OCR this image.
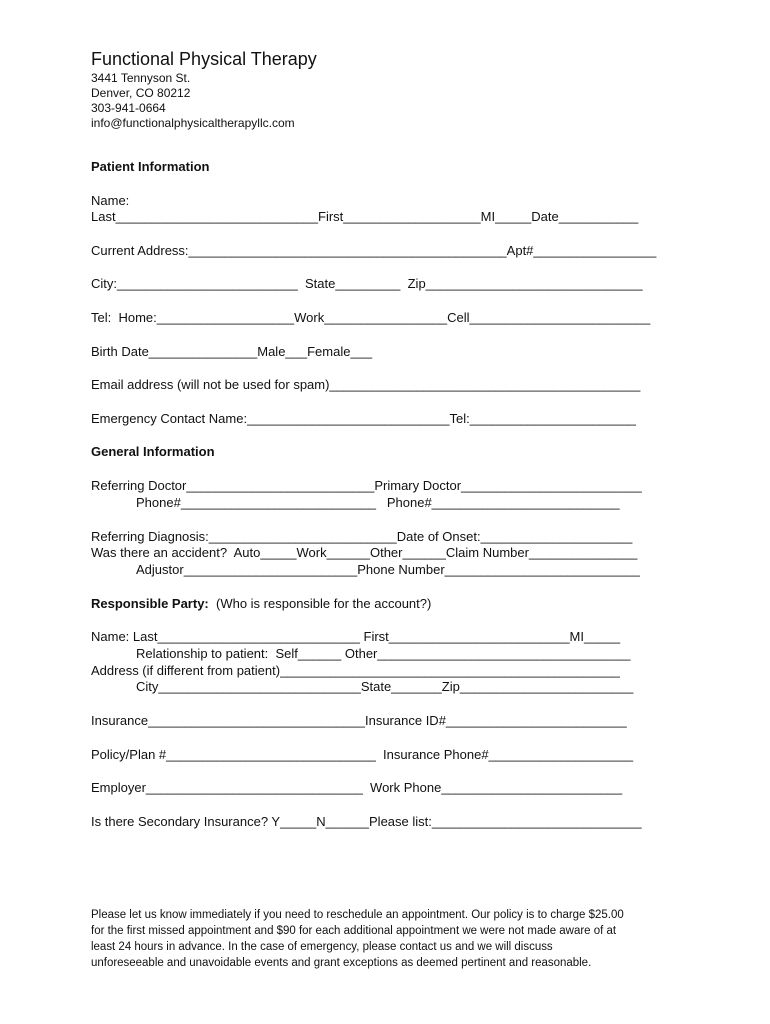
Functional Physical Therapy
3441 Tennyson St.
Denver, CO 80212
303-941-0664
info@functionalphysicaltherapyllc.com
Patient Information
Name:
Last____________________________First___________________MI_____Date___________
Current Address:____________________________________________Apt#_________________
City:_________________________  State_________  Zip______________________________
Tel:  Home:___________________Work_________________Cell_________________________
Birth Date_______________Male___Female___
Email address (will not be used for spam)___________________________________________
Emergency Contact Name:____________________________Tel:_______________________
General Information
Referring Doctor__________________________Primary Doctor_________________________
Phone#___________________________   Phone#__________________________
Referring Diagnosis:__________________________Date of Onset:_____________________
Was there an accident?  Auto_____Work______Other______Claim Number_______________
Adjustor________________________Phone Number___________________________
Responsible Party: (Who is responsible for the account?)
Name: Last____________________________ First_________________________MI_____
Relationship to patient:  Self______ Other___________________________________
Address (if different from patient)_______________________________________________
City____________________________State_______Zip________________________
Insurance______________________________Insurance ID#_________________________
Policy/Plan #_____________________________  Insurance Phone#____________________
Employer______________________________  Work Phone_________________________
Is there Secondary Insurance? Y_____N______Please list:_____________________________
Please let us know immediately if you need to reschedule an appointment. Our policy is to charge $25.00
for the first missed appointment and $90 for each additional appointment we were not made aware of at
least 24 hours in advance. In the case of emergency, please contact us and we will discuss
unforeseeable and unavoidable events and grant exceptions as deemed pertinent and reasonable.
